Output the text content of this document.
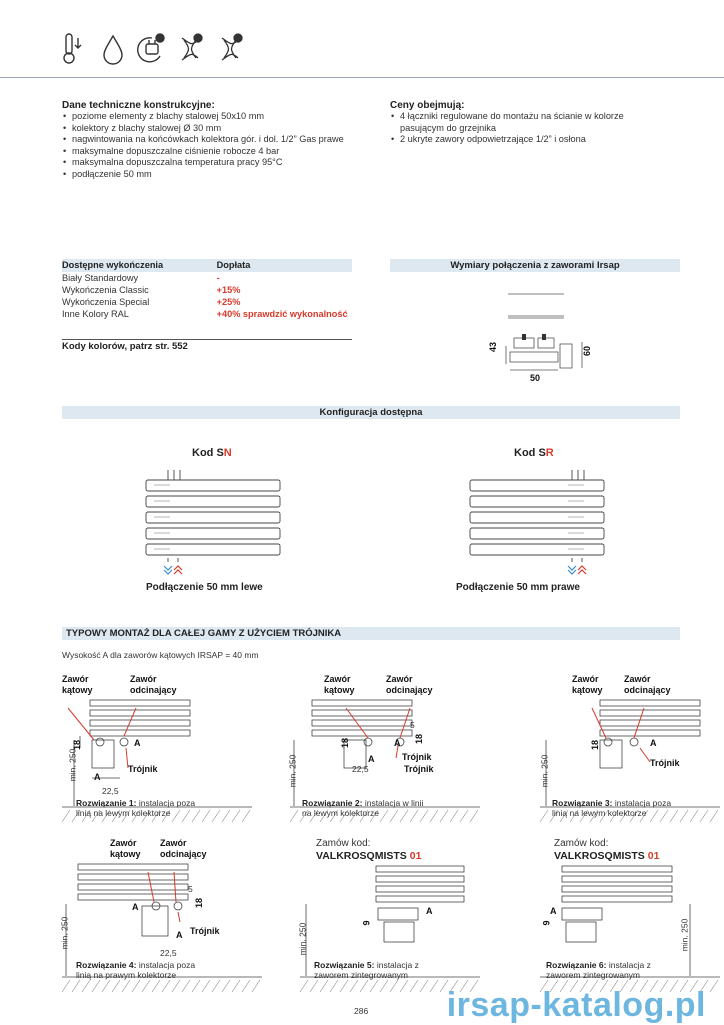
Dane techniczne konstrukcyjne:
• poziome elementy z blachy stalowej 50x10 mm
• kolektory z blachy stalowej Ø 30 mm
• nagwintowania na końcówkach kolektora gór. i dol. 1/2” Gas prawe
• maksymalne dopuszczalne ciśnienie robocze 4 bar
• maksymalna dopuszczalna temperatura pracy 95°C
• podłączenie 50 mm
Ceny obejmują:
• 4 łączniki regulowane do montażu na ścianie w kolorze pasującym do grzejnika
• 2 ukryte zawory odpowietrzające 1/2” i osłona
Dostępne wykończenia	Dopłata
Biały Standardowy	-
Wykończenia Classic	+15%
Wykończenia Special	+25%
Inne Kolory RAL	+40% sprawdzić wykonalność
Kody kolorów, patrz str. 552
Wymiary połączenia z zaworami Irsap
43	60
50
Konfiguracja dostępna
Kod SN	Kod SR
Podłączenie 50 mm lewe	Podłączenie 50 mm prawe
TYPOWY MONTAŻ DLA CAŁEJ GAMY Z UŻYCIEM TRÓJNIKA
Wysokość A dla zaworów kątowych IRSAP = 40 mm
Zawór
kątowy
Zawór
odcinający
min. 250
18	A
A
Trójnik
22,5
Rozwiązanie 1: instalacja poza
linią na lewym kolektorze
Zawór
kątowy
Zawór
odcinający
min. 250
18	18
5
A
A	Trójnik
Trójnik
22,5
Rozwiązanie 2: instalacja w linii
na lewym kolektorze
Zawór
kątowy
Zawór
odcinający
min. 250
18	A
Trójnik
Rozwiązanie 3: instalacja poza
linią na lewym kolektorze
Zawór
kątowy
Zawór
odcinający
min. 250
18
5
A
A Trójnik
22,5
Rozwiązanie 4: instalacja poza
linią na prawym kolektorze
Zamów kod:
VALKROSQMISTS 01
min. 250	9
A
Rozwiązanie 5: instalacja z
zaworem zintegrowanym
Zamów kod:
VALKROSQMISTS 01
min. 250
9
A
Rozwiązanie 6: instalacja z
zaworem zintegrowanym
286 irsap-katalog.pl
